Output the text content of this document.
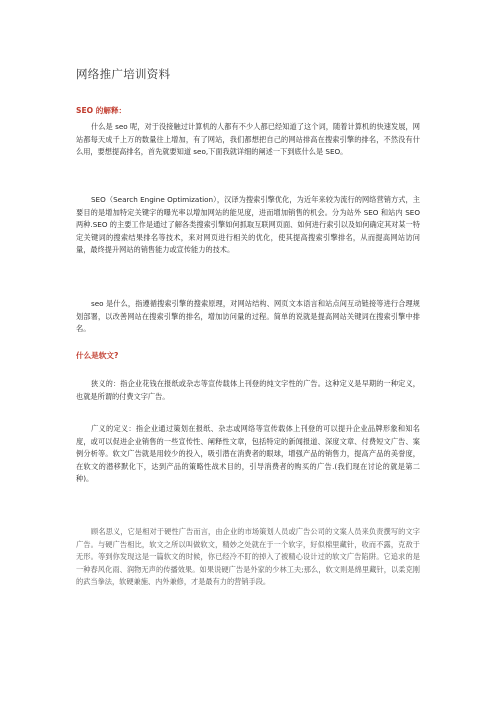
网络推广培训资料
SEO 的解释：
什么是 seo 呢，对于没接触过计算机的人都有不少人都已经知道了这个词，随着计算机的快速发展，网站都每天成千上万的数量往上增加，有了网站，我们都想把自己的网站排高在搜索引擎的排名，不然没有什么用，要想提高排名，首先就要知道 seo,下面我就详细的阐述一下到底什么是 SEO。
SEO（Search Engine Optimization），汉译为搜索引擎优化，为近年来较为流行的网络营销方式，主要目的是增加特定关键字的曝光率以增加网站的能见度，进而增加销售的机会。分为站外 SEO 和站内 SEO 两种.SEO 的主要工作是通过了解各类搜索引擎如何抓取互联网页面、如何进行索引以及如何确定其对某一特定关键词的搜索结果排名等技术，来对网页进行相关的优化，使其提高搜索引擎排名，从而提高网站访问量，最终提升网站的销售能力或宣传能力的技术。
seo 是什么，指遵循搜索引擎的搜索原理，对网站结构、网页文本语言和站点间互动链接等进行合理规划部署，以改善网站在搜索引擎的排名，增加访问量的过程。简单的说就是提高网站关键词在搜索引擎中排名。
什么是软文?
狭义的：指企业花钱在报纸或杂志等宣传载体上刊登的纯文字性的广告。这种定义是早期的一种定义，也就是所谓的付费文字广告。
广义的定义：指企业通过策划在报纸、杂志或网络等宣传载体上刊登的可以提升企业品牌形象和知名度，或可以促进企业销售的一些宣传性、阐释性文章，包括特定的新闻报道、深度文章、付费短文广告、案例分析等。软文广告就是用较少的投入，吸引潜在消费者的眼球，增强产品的销售力，提高产品的美誉度，在软文的潜移默化下，达到产品的策略性战术目的，引导消费者的购买的广告.(我们现在讨论的就是第二种)。
顾名思义，它是相对于硬性广告而言，由企业的市场策划人员或广告公司的文案人员来负责撰写的文字广告。与硬广告相比，软文之所以叫做软文，精妙之处就在于一个软字，好似棉里藏针，收而不露，克敌于无形。等到你发现这是一篇软文的时候，你已经冷不盯的掉入了被精心设计过的软文广告陷阱。它追求的是一种春风化雨、润物无声的传播效果。如果说硬广告是外家的少林工夫;那么，软文则是绵里藏针，以柔克刚的武当拳法，软硬兼施、内外兼修，才是最有力的营销手段。
